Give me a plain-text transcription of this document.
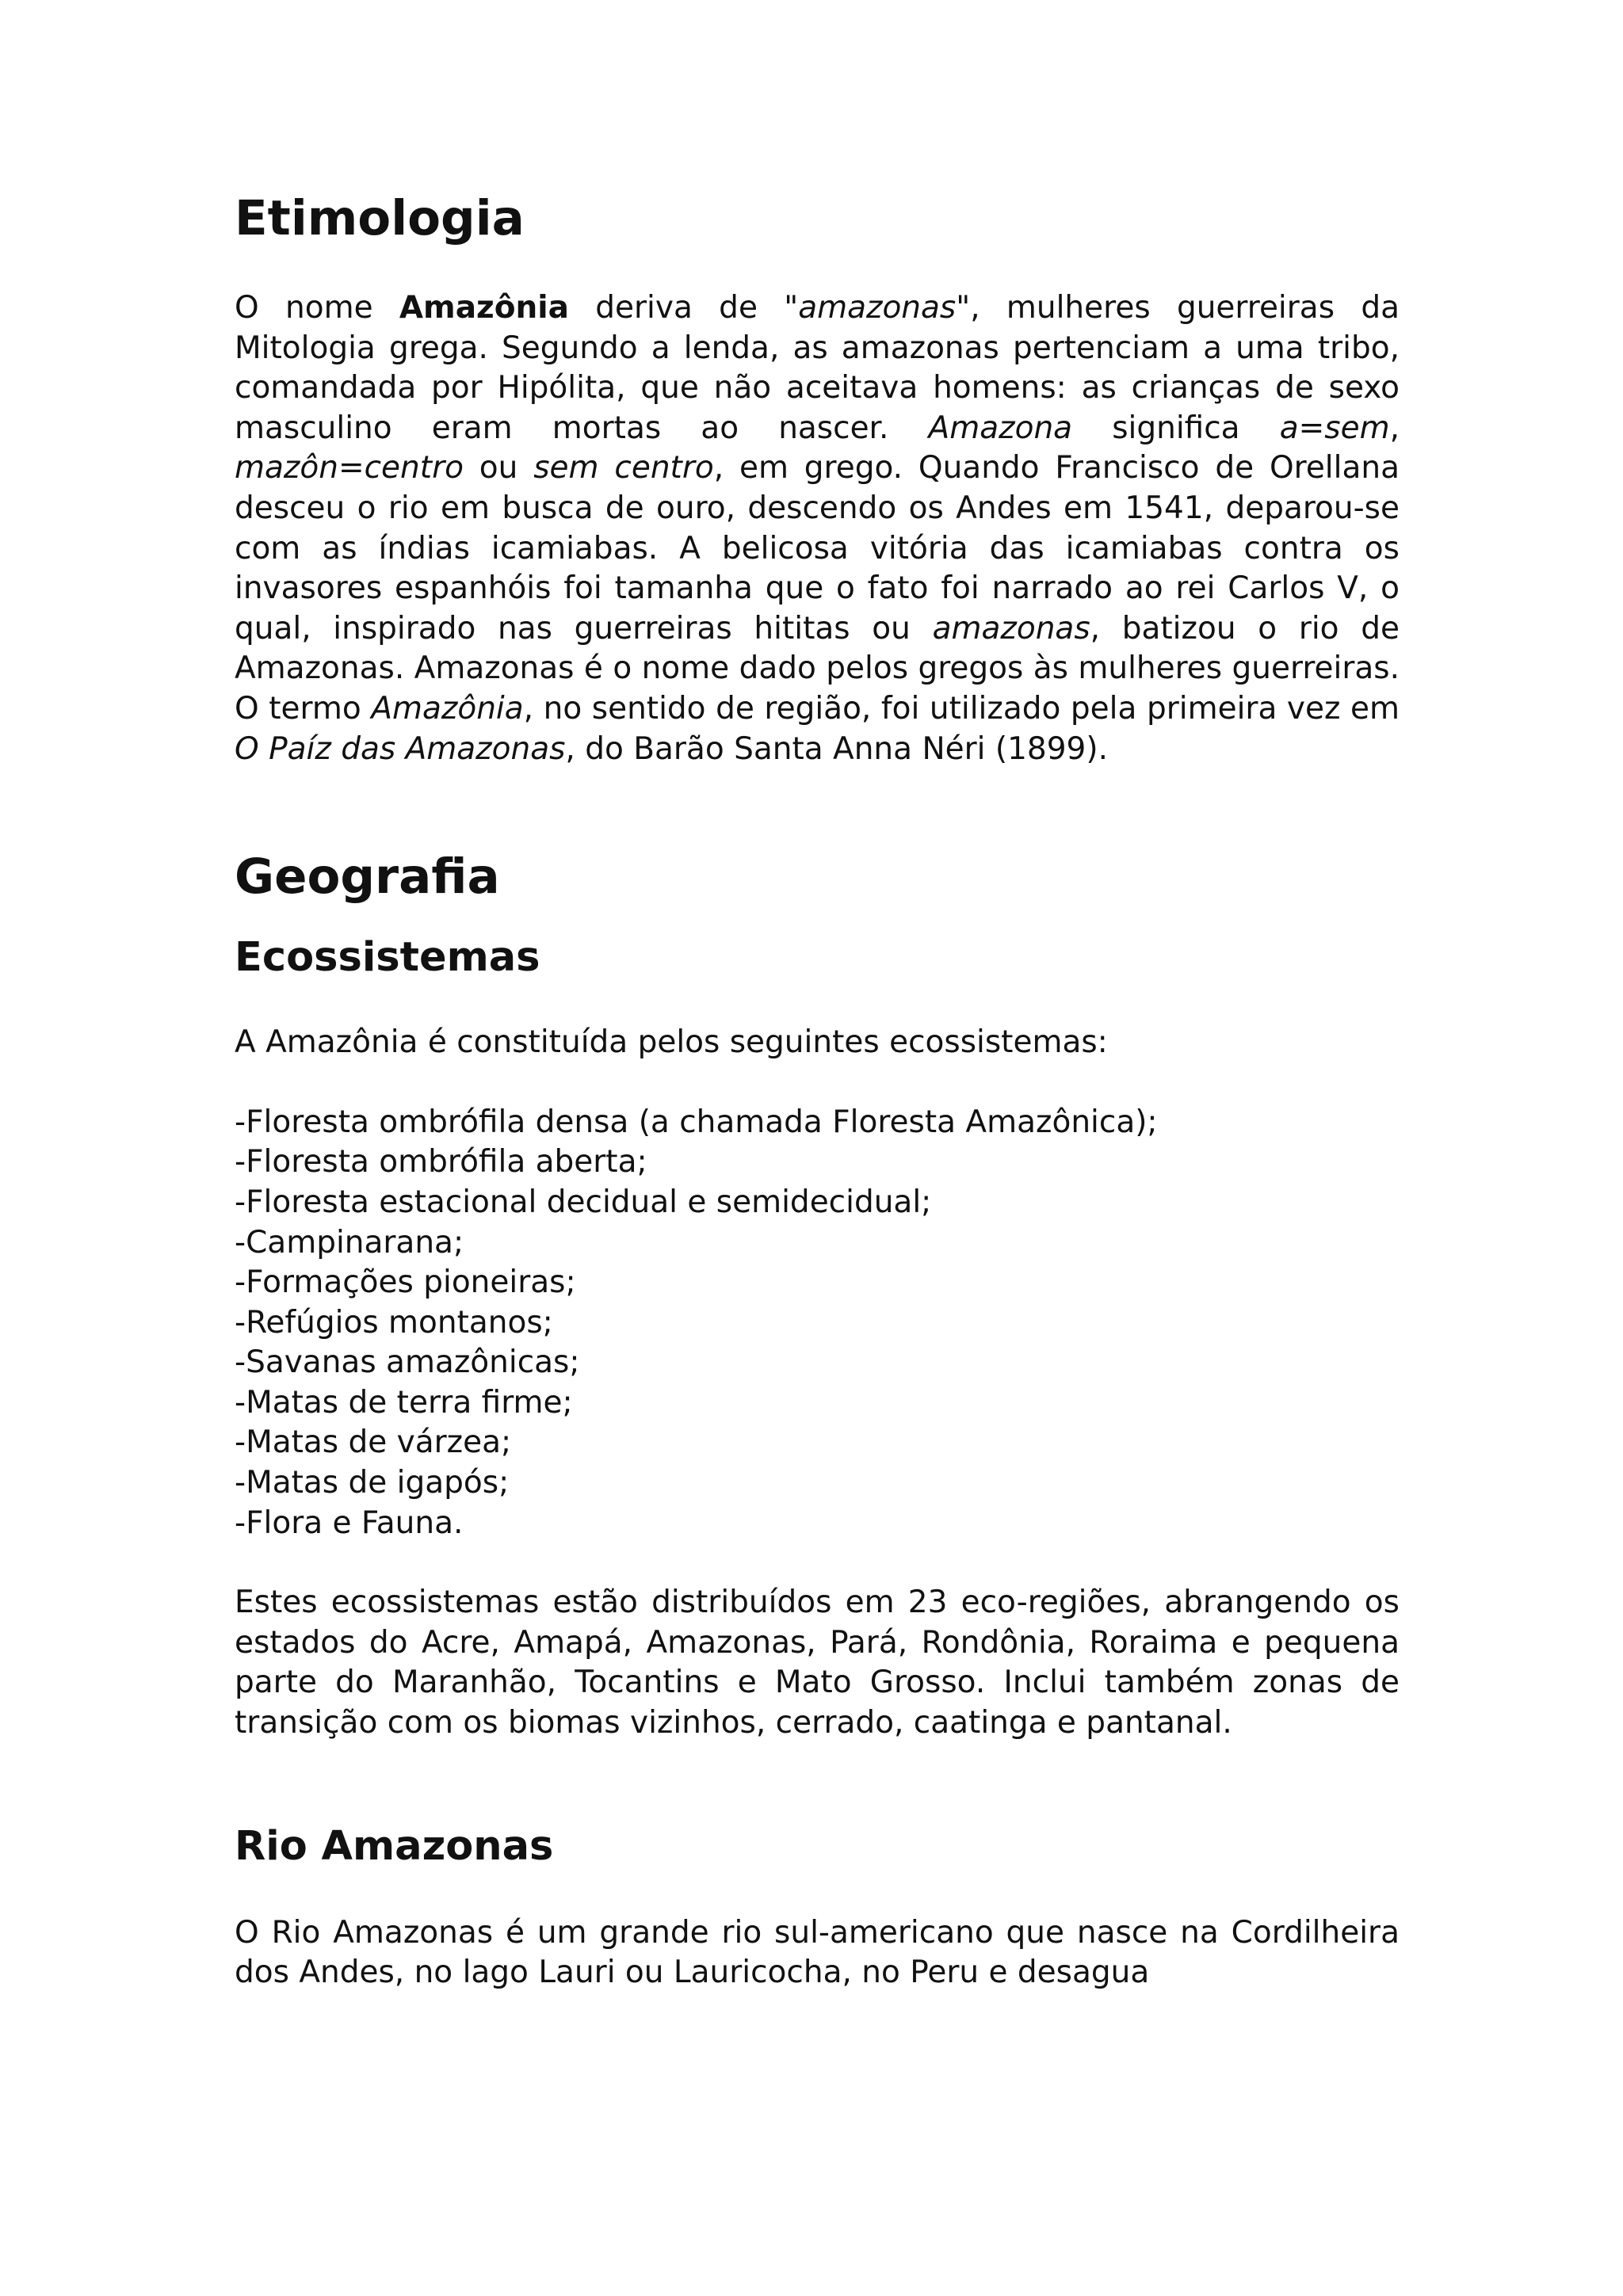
Etimologia

O nome Amazônia deriva de "amazonas", mulheres guerreiras da Mitologia grega. Segundo a lenda, as amazonas pertenciam a uma tribo, comandada por Hipólita, que não aceitava homens: as crianças de sexo masculino eram mortas ao nascer. Amazona significa a=sem, mazôn=centro ou sem centro, em grego. Quando Francisco de Orellana desceu o rio em busca de ouro, descendo os Andes em 1541, deparou-se com as índias icamiabas. A belicosa vitória das icamiabas contra os invasores espanhóis foi tamanha que o fato foi narrado ao rei Carlos V, o qual, inspirado nas guerreiras hititas ou amazonas, batizou o rio de Amazonas. Amazonas é o nome dado pelos gregos às mulheres guerreiras. O termo Amazônia, no sentido de região, foi utilizado pela primeira vez em O Paíz das Amazonas, do Barão Santa Anna Néri (1899).

Geografia
Ecossistemas

A Amazônia é constituída pelos seguintes ecossistemas:

-Floresta ombrófila densa (a chamada Floresta Amazônica);
-Floresta ombrófila aberta;
-Floresta estacional decidual e semidecidual;
-Campinarana;
-Formações pioneiras;
-Refúgios montanos;
-Savanas amazônicas;
-Matas de terra firme;
-Matas de várzea;
-Matas de igapós;
-Flora e Fauna.

Estes ecossistemas estão distribuídos em 23 eco-regiões, abrangendo os estados do Acre, Amapá, Amazonas, Pará, Rondônia, Roraima e pequena parte do Maranhão, Tocantins e Mato Grosso. Inclui também zonas de transição com os biomas vizinhos, cerrado, caatinga e pantanal.

Rio Amazonas

O Rio Amazonas é um grande rio sul-americano que nasce na Cordilheira dos Andes, no lago Lauri ou Lauricocha, no Peru e desagua
